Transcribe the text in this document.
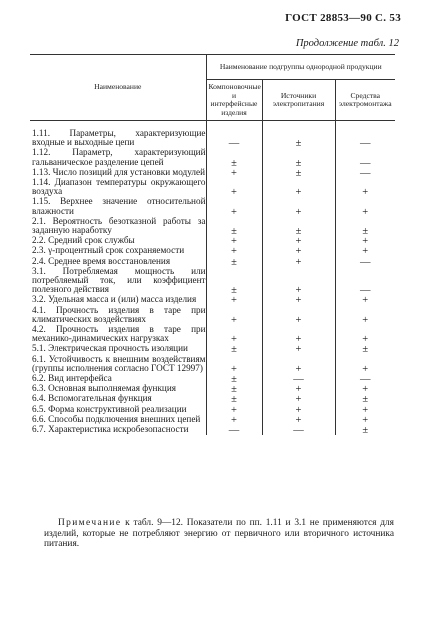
ГОСТ 28853—90 С. 53
Продолжение табл. 12
Наименование	Наименование подгруппы однородной продукции		
	Компоновочные и интерфейсные изделия	Источники электропитания	Средства электромонтажа

1.11. Параметры, характеризующие входные и выходные цепи	—	±	—
1.12. Параметр, характеризующий гальваническое разделение цепей	±	±	—
1.13. Число позиций для установки модулей	+	±	—
1.14. Диапазон температуры окружающего воздуха	+	+	+
1.15. Верхнее значение относительной влажности	+	+	+
2.1. Вероятность безотказной работы за заданную наработку	±	±	±
2.2. Средний срок службы	+	+	+
2.3. γ-процентный срок сохраняемости	+	+	+
2.4. Среднее время восстановления	±	+	—
3.1. Потребляемая мощность или потребляемый ток, или коэффициент полезного действия	±	+	—
3.2. Удельная масса и (или) масса изделия	+	+	+
4.1. Прочность изделия в таре при климатических воздействиях	+	+	+
4.2. Прочность изделия в таре при механико-динамических нагрузках	+	+	+
5.1. Электрическая прочность изоляции	±	+	±
6.1. Устойчивость к внешним воздействиям (группы исполнения согласно ГОСТ 12997)	+	+	+
6.2. Вид интерфейса	±	—	—
6.3. Основная выполняемая функция	±	+	+
6.4. Вспомогательная функция	±	+	±
6.5. Форма конструктивной реализации	+	+	+
6.6. Способы подключения внешних цепей	+	+	+
6.7. Характеристика искробезопасности	—	—	±
Примечание к табл. 9—12. Показатели по пп. 1.11 и 3.1 не применяются для изделий, которые не потребляют энергию от первичного или вторичного источника питания.
